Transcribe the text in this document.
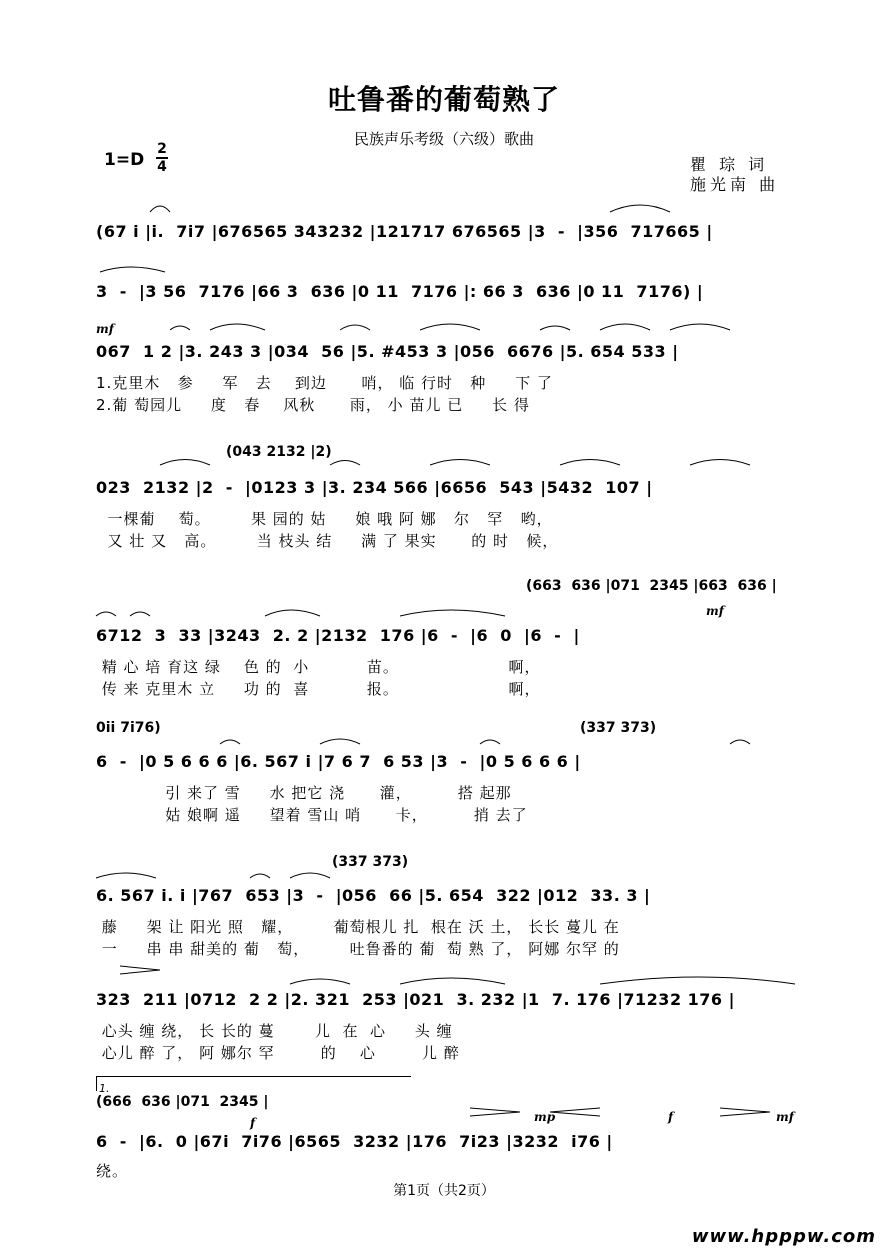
吐鲁番的葡萄熟了
民族声乐考级（六级）歌曲
1=D
2
4	瞿 琮 词
施光南 曲
(67 i |i.  7i7 |676565 343232 |121717 676565 |3  -  |356  717665 |
3  -  |3 56  7176 |66 3  636 |0 11  7176 |: 66 3  636 |0 11  7176) |
mf
067  1 2 |3. 243 3 |034  56 |5. #453 3 |056  6676 |5. 654 533 |
1.克里木   参     军   去    到边      哨， 临 行时   种     下 了
2.葡 萄园儿     度   春    风秋      雨， 小 苗儿 已     长 得
(043 2132 |2)
023  2132 |2  -  |0123 3 |3. 234 566 |6656  543 |5432  107 |
一棵葡    萄。       果 园的 姑     娘 哦 阿 娜   尔   罕   哟，
又 壮 又   高。       当 枝头 结     满 了 果实      的 时   候，
(663  636 |071  2345 |663  636 |
mf
6712  3  33 |3243  2. 2 |2132  176 |6  -  |6  0  |6  -  |
精 心 培 育这 绿    色 的  小          苗。                   啊，
传 来 克里木 立     功 的  喜          报。                   啊，
0ii 7i76)	(337 373)
6  -  |0 5 6 6 6 |6. 567 i |7 6 7  6 53 |3  -  |0 5 6 6 6 |
引 来了 雪     水 把它 浇      灌，        搭 起那
姑 娘啊 遥     望着 雪山 哨      卡，        捎 去了
(337 373)
6. 567 i. i |767  653 |3  -  |056  66 |5. 654  322 |012  33. 3 |
藤     架 让 阳光 照   耀，       葡萄根儿 扎  根在 沃 土， 长长 蔓儿 在
一     串 串 甜美的 葡   萄，       吐鲁番的 葡  萄 熟 了， 阿娜 尔罕 的
323  211 |0712  2 2 |2. 321  253 |021  3. 232 |1  7. 176 |71232 176 |
心头 缠 绕， 长 长的 蔓       儿  在  心     头 缠
心儿 醉 了， 阿 娜尔 罕        的    心        儿 醉
1.
(666  636 |071  2345 |
f	mp	f	mf
6  -  |6.  0 |67i  7i76 |6565  3232 |176  7i23 |3232  i76 |
绕。
第1页（共2页）
www.hpppw.com
